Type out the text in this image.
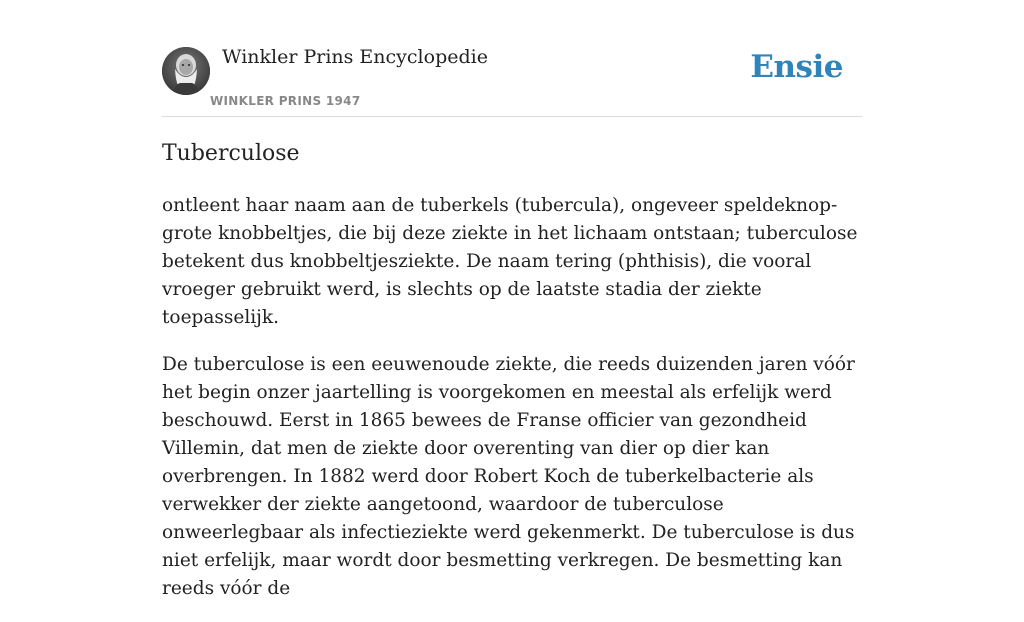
Winkler Prins Encyclopedie
WINKLER PRINS 1947
Ensie
Tuberculose

ontleent haar naam aan de tuberkels (tubercula), ongeveer speldeknop-grote knobbeltjes, die bij deze ziekte in het lichaam ontstaan; tuberculose betekent dus knobbeltjesziekte. De naam tering (phthisis), die vooral vroeger gebruikt werd, is slechts op de laatste stadia der ziekte toepasselijk.

De tuberculose is een eeuwenoude ziekte, die reeds duizenden jaren vóór het begin onzer jaartelling is voorgekomen en meestal als erfelijk werd beschouwd. Eerst in 1865 bewees de Franse officier van gezondheid Villemin, dat men de ziekte door overenting van dier op dier kan overbrengen. In 1882 werd door Robert Koch de tuberkelbacterie als verwekker der ziekte aangetoond, waardoor de tuberculose onweerlegbaar als infectieziekte werd gekenmerkt. De tuberculose is dus niet erfelijk, maar wordt door besmetting verkregen. De besmetting kan reeds vóór de
